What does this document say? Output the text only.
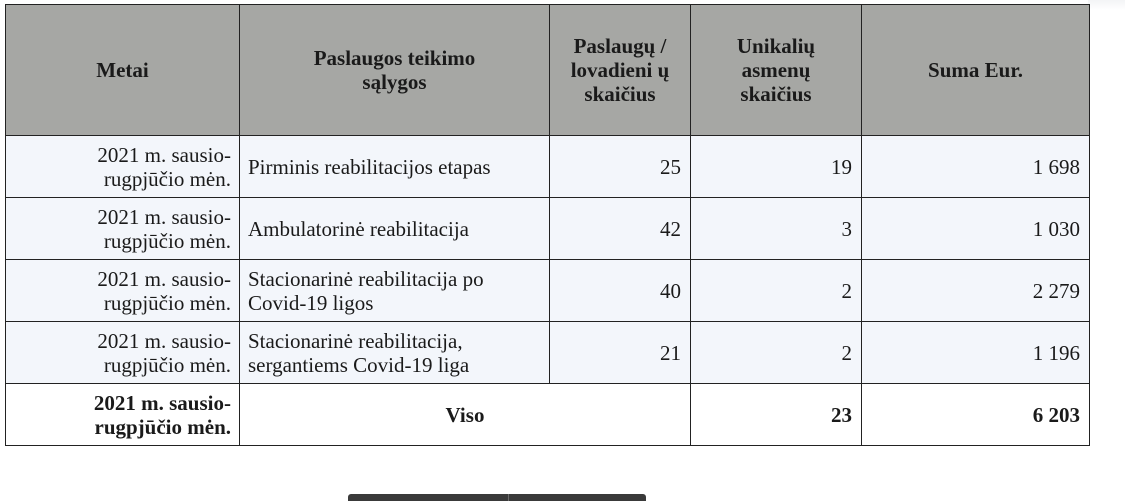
Metai	Paslaugos teikimo sąlygos	Paslaugų / lovadieni ų skaičius	Unikalių asmenų skaičius	Suma Eur.

2021 m. sausio-rugpjūčio mėn.	Pirminis reabilitacijos etapas	25	19	1 698

2021 m. sausio-rugpjūčio mėn.	Ambulatorinė reabilitacija	42	3	1 030

2021 m. sausio-rugpjūčio mėn.	Stacionarinė reabilitacija po Covid-19 ligos	40	2	2 279

2021 m. sausio-rugpjūčio mėn.	Stacionarinė reabilitacija, sergantiems Covid-19 liga	21	2	1 196

2021 m. sausio-rugpjūčio mėn.	Viso		23	6 203
